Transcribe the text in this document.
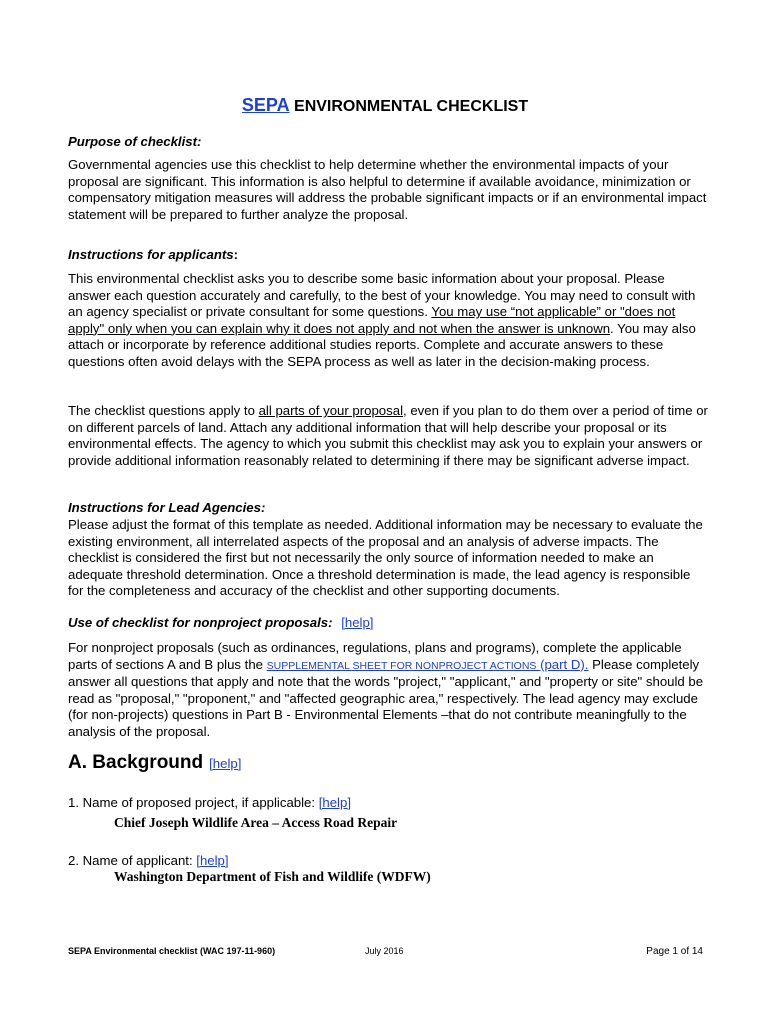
SEPA ENVIRONMENTAL CHECKLIST
Purpose of checklist:
Governmental agencies use this checklist to help determine whether the environmental impacts of your proposal are significant. This information is also helpful to determine if available avoidance, minimization or compensatory mitigation measures will address the probable significant impacts or if an environmental impact statement will be prepared to further analyze the proposal.
Instructions for applicants:
This environmental checklist asks you to describe some basic information about your proposal. Please answer each question accurately and carefully, to the best of your knowledge. You may need to consult with an agency specialist or private consultant for some questions. You may use “not applicable” or "does not apply" only when you can explain why it does not apply and not when the answer is unknown. You may also attach or incorporate by reference additional studies reports. Complete and accurate answers to these questions often avoid delays with the SEPA process as well as later in the decision-making process.
The checklist questions apply to all parts of your proposal, even if you plan to do them over a period of time or on different parcels of land. Attach any additional information that will help describe your proposal or its environmental effects. The agency to which you submit this checklist may ask you to explain your answers or provide additional information reasonably related to determining if there may be significant adverse impact.
Instructions for Lead Agencies:
Please adjust the format of this template as needed. Additional information may be necessary to evaluate the existing environment, all interrelated aspects of the proposal and an analysis of adverse impacts. The checklist is considered the first but not necessarily the only source of information needed to make an adequate threshold determination. Once a threshold determination is made, the lead agency is responsible for the completeness and accuracy of the checklist and other supporting documents.
Use of checklist for nonproject proposals: [help]
For nonproject proposals (such as ordinances, regulations, plans and programs), complete the applicable parts of sections A and B plus the SUPPLEMENTAL SHEET FOR NONPROJECT ACTIONS (part D). Please completely answer all questions that apply and note that the words "project," "applicant," and "property or site" should be read as "proposal," "proponent," and "affected geographic area," respectively. The lead agency may exclude (for non-projects) questions in Part B - Environmental Elements –that do not contribute meaningfully to the analysis of the proposal.
A. Background [help]
1. Name of proposed project, if applicable: [help]
Chief Joseph Wildlife Area – Access Road Repair
2. Name of applicant: [help]
Washington Department of Fish and Wildlife (WDFW)
SEPA Environmental checklist (WAC 197-11-960)	July 2016	Page 1 of 14
